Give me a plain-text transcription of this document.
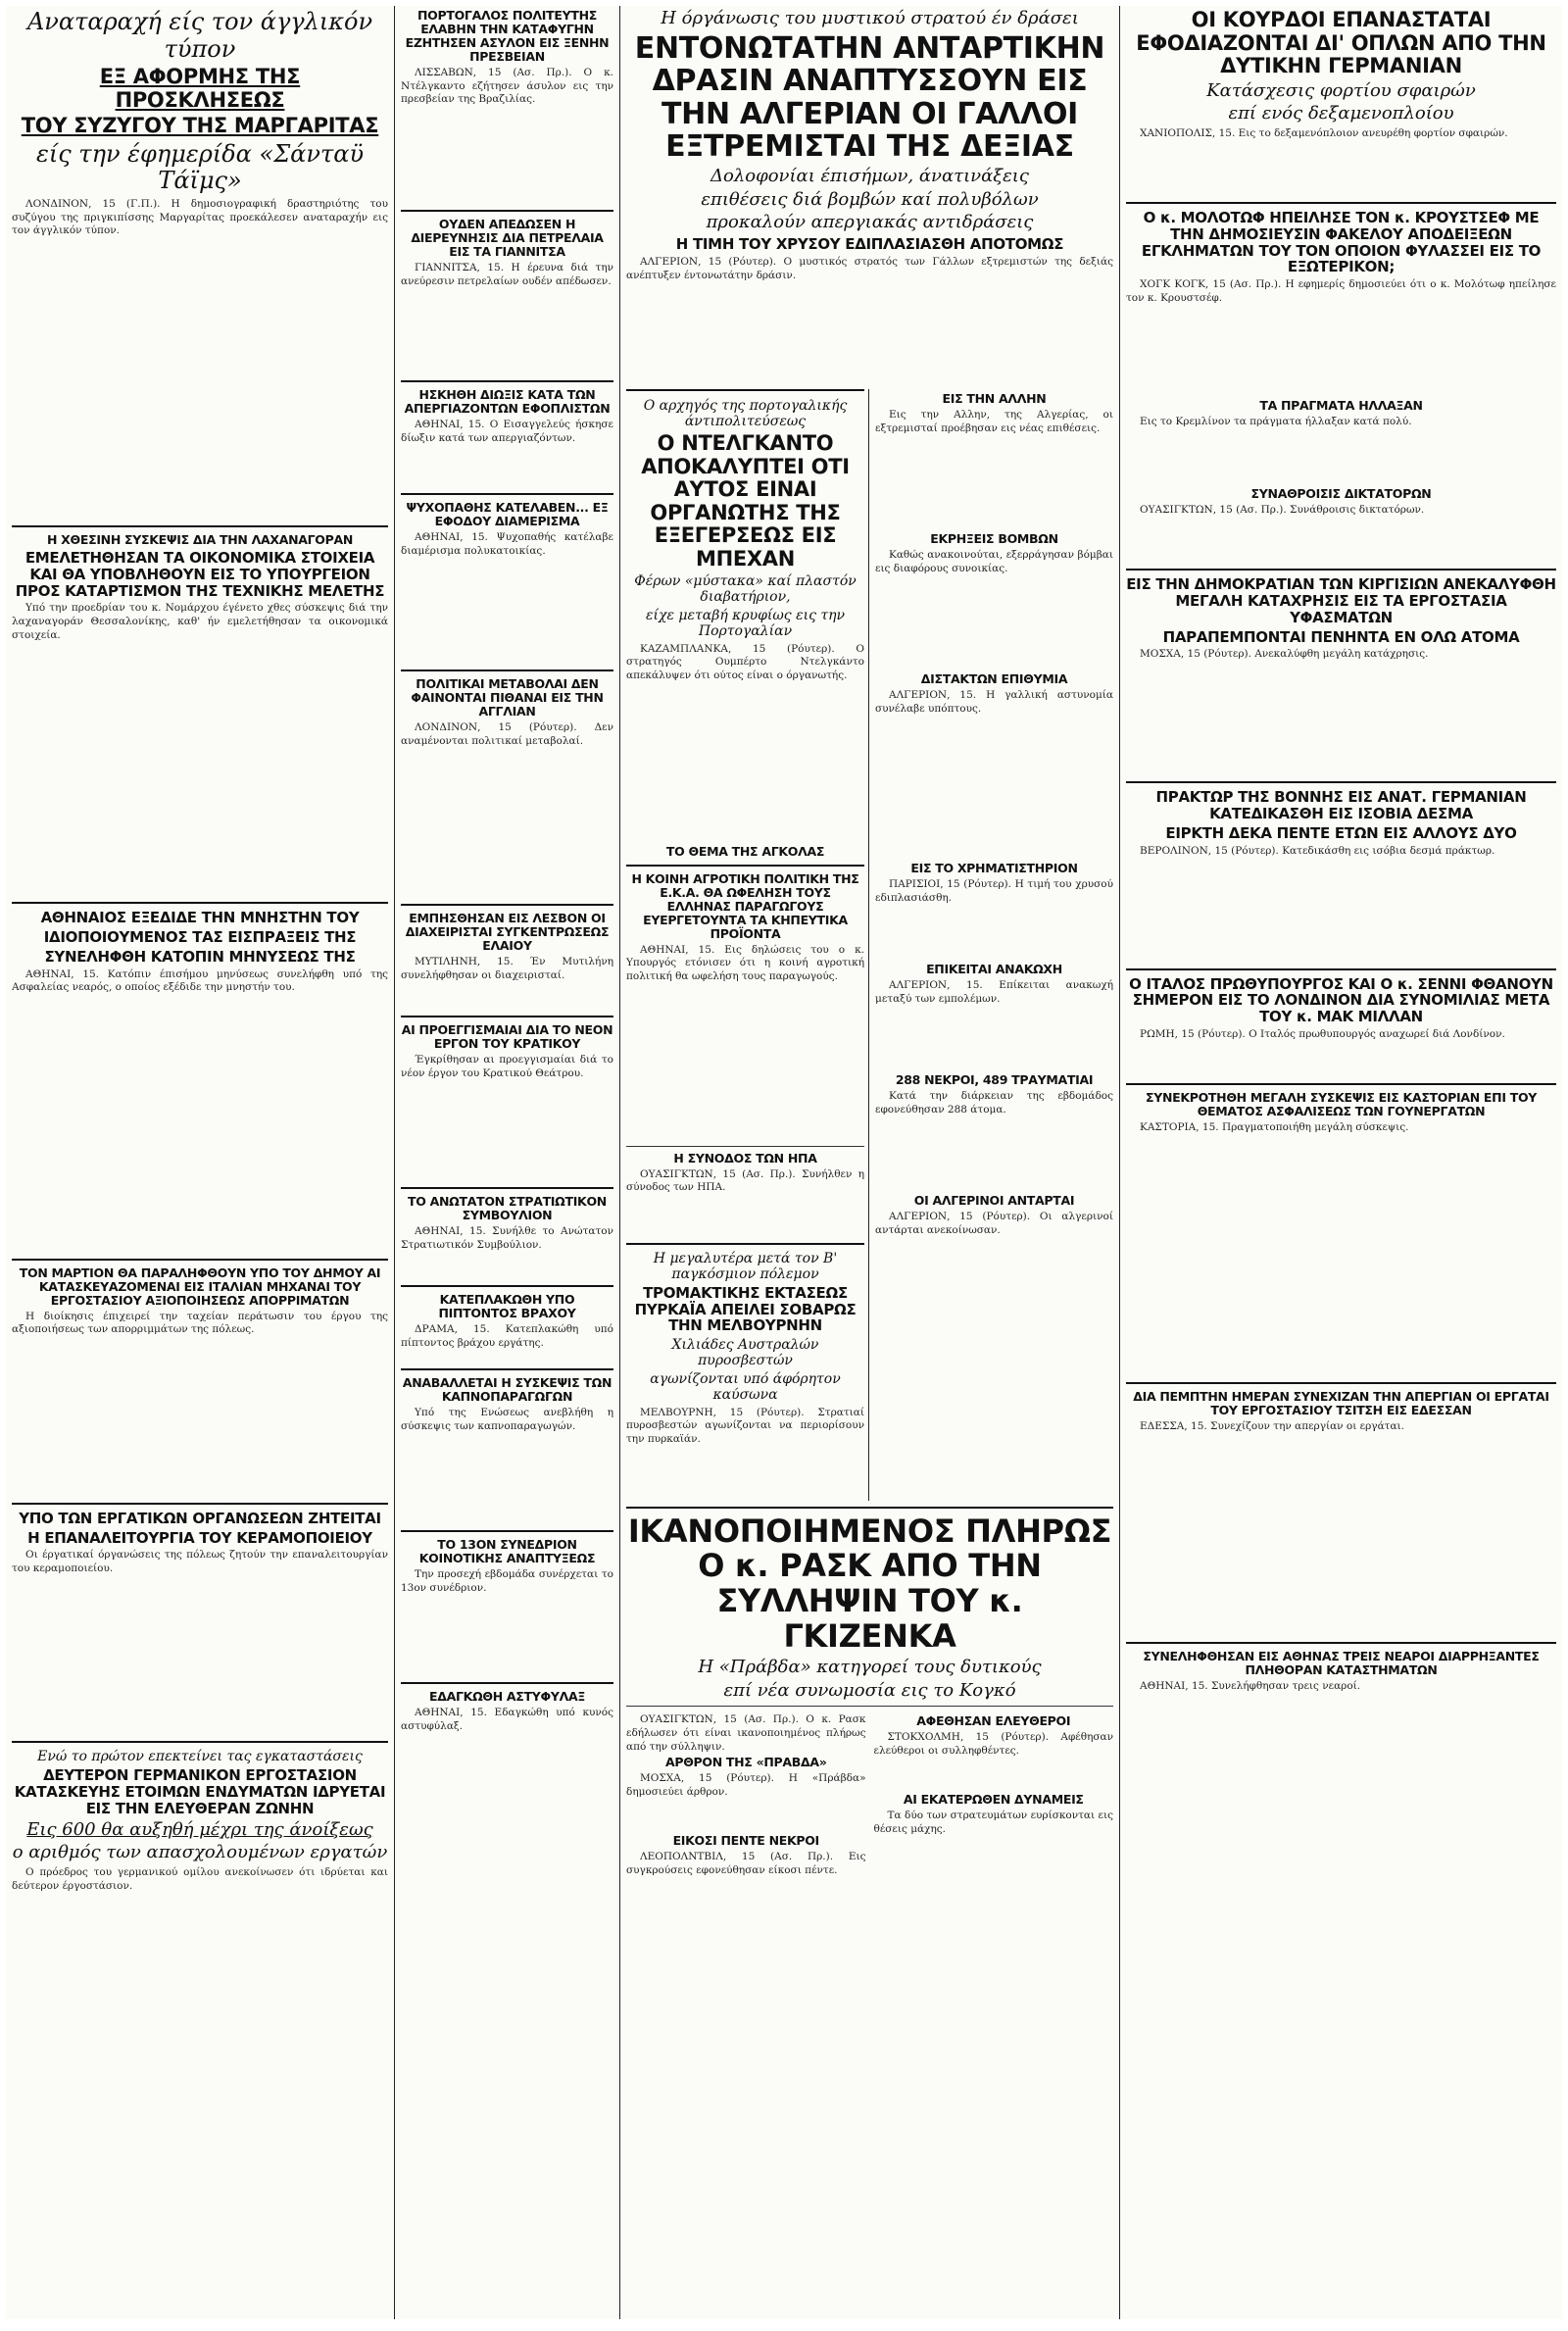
Αναταραχή είς τον άγγλικόν τύπον
ΕΞ ΑΦΟΡΜΗΣ ΤΗΣ ΠΡΟΣΚΛΗΣΕΩΣ
ΤΟΥ ΣΥΖΥΓΟΥ ΤΗΣ ΜΑΡΓΑΡΙΤΑΣ
είς την έφημερίδα «Σάνταϋ Τάϊμς»

ΛΟΝΔΙΝΟΝ, 15 (Γ.Π.). Η δημοσιογραφική δραστηριότης του συζύγου της πριγκιπίσσης Μαργαρίτας προεκάλεσεν αναταραχήν εις τον άγγλικόν τύπον.

Η ΧΘΕΣΙΝΗ ΣΥΣΚΕΨΙΣ ΔΙΑ ΤΗΝ ΛΑΧΑΝΑΓΟΡΑΝ
ΕΜΕΛΕΤΗΘΗΣΑΝ ΤΑ ΟΙΚΟΝΟΜΙΚΑ ΣΤΟΙΧΕΙΑ ΚΑΙ ΘΑ ΥΠΟΒΛΗΘΟΥΝ ΕΙΣ ΤΟ ΥΠΟΥΡΓΕΙΟΝ ΠΡΟΣ ΚΑΤΑΡΤΙΣΜΟΝ ΤΗΣ ΤΕΧΝΙΚΗΣ ΜΕΛΕΤΗΣ

Υπό την προεδρίαν του κ. Νομάρχου έγένετο χθες σύσκεψις διά την λαχαναγοράν Θεσσαλονίκης, καθ' ήν εμελετήθησαν τα οικονομικά στοιχεία.

ΑΘΗΝΑΙΟΣ ΕΞΕΔΙΔΕ ΤΗΝ ΜΝΗΣΤΗΝ ΤΟΥ
ΙΔΙΟΠΟΙΟΥΜΕΝΟΣ ΤΑΣ ΕΙΣΠΡΑΞΕΙΣ ΤΗΣ
ΣΥΝΕΛΗΦΘΗ ΚΑΤΟΠΙΝ ΜΗΝΥΣΕΩΣ ΤΗΣ

ΑΘΗΝΑΙ, 15. Κατόπιν έπισήμου μηνύσεως συνελήφθη υπό της Ασφαλείας νεαρός, ο οποίος εξέδιδε την μνηστήν του.

ΤΟΝ ΜΑΡΤΙΟΝ ΘΑ ΠΑΡΑΛΗΦΘΟΥΝ ΥΠΟ ΤΟΥ ΔΗΜΟΥ ΑΙ ΚΑΤΑΣΚΕΥΑΖΟΜΕΝΑΙ ΕΙΣ ΙΤΑΛΙΑΝ ΜΗΧΑΝΑΙ ΤΟΥ ΕΡΓΟΣΤΑΣΙΟΥ ΑΞΙΟΠΟΙΗΣΕΩΣ ΑΠΟΡΡΙΜΑΤΩΝ

Η διοίκησις έπιχειρεί την ταχείαν περάτωσιν του έργου της αξιοποιήσεως των απορριμμάτων της πόλεως.

ΥΠΟ ΤΩΝ ΕΡΓΑΤΙΚΩΝ ΟΡΓΑΝΩΣΕΩΝ ΖΗΤΕΙΤΑΙ
Η ΕΠΑΝΑΛΕΙΤΟΥΡΓΙΑ ΤΟΥ ΚΕΡΑΜΟΠΟΙΕΙΟΥ

Οι έργατικαί όργανώσεις της πόλεως ζητούν την επαναλειτουργίαν του κεραμοποιείου.

Ενώ το πρώτον επεκτείνει τας εγκαταστάσεις
ΔΕΥΤΕΡΟΝ ΓΕΡΜΑΝΙΚΟΝ ΕΡΓΟΣΤΑΣΙΟΝ ΚΑΤΑΣΚΕΥΗΣ ΕΤΟΙΜΩΝ ΕΝΔΥΜΑΤΩΝ ΙΔΡΥΕΤΑΙ ΕΙΣ ΤΗΝ ΕΛΕΥΘΕΡΑΝ ΖΩΝΗΝ
Εις 600 θα αυξηθή μέχρι της άνοίξεως
ο αριθμός των απασχολουμένων εργατών

Ο πρόεδρος του γερμανικού ομίλου ανεκοίνωσεν ότι ιδρύεται και δεύτερον έργοστάσιον.

ΠΟΡΤΟΓΑΛΟΣ ΠΟΛΙΤΕΥΤΗΣ ΕΛΑΒΗΝ ΤΗΝ ΚΑΤΑΦΥΓΗΝ ΕΖΗΤΗΣΕΝ ΑΣΥΛΟΝ ΕΙΣ ΞΕΝΗΝ ΠΡΕΣΒΕΙΑΝ

ΛΙΣΣΑΒΩΝ, 15 (Ασ. Πρ.). Ο κ. Ντέλγκαντο εζήτησεν άσυλον εις την πρεσβείαν της Βραζιλίας.

ΟΥΔΕΝ ΑΠΕΔΩΣΕΝ Η ΔΙΕΡΕΥΝΗΣΙΣ ΔΙΑ ΠΕΤΡΕΛΑΙΑ ΕΙΣ ΤΑ ΓΙΑΝΝΙΤΣΑ

ΓΙΑΝΝΙΤΣΑ, 15. Η έρευνα διά την ανεύρεσιν πετρελαίων ουδέν απέδωσεν.

ΗΣΚΗΘΗ ΔΙΩΞΙΣ ΚΑΤΑ ΤΩΝ ΑΠΕΡΓΙΑΖΟΝΤΩΝ ΕΦΟΠΛΙΣΤΩΝ

ΑΘΗΝΑΙ, 15. Ο Εισαγγελεύς ήσκησε δίωξιν κατά των απεργιαζόντων.

ΨΥΧΟΠΑΘΗΣ ΚΑΤΕΛΑΒΕΝ... ΕΞ ΕΦΟΔΟΥ ΔΙΑΜΕΡΙΣΜΑ

ΑΘΗΝΑΙ, 15. Ψυχοπαθής κατέλαβε διαμέρισμα πολυκατοικίας.

ΠΟΛΙΤΙΚΑΙ ΜΕΤΑΒΟΛΑΙ ΔΕΝ ΦΑΙΝΟΝΤΑΙ ΠΙΘΑΝΑΙ ΕΙΣ ΤΗΝ ΑΓΓΛΙΑΝ

ΛΟΝΔΙΝΟΝ, 15 (Ρόυτερ). Δεν αναμένονται πολιτικαί μεταβολαί.

ΕΜΠΗΣΘΗΣΑΝ ΕΙΣ ΛΕΣΒΟΝ ΟΙ ΔΙΑΧΕΙΡΙΣΤΑΙ ΣΥΓΚΕΝΤΡΩΣΕΩΣ ΕΛΑΙΟΥ

ΜΥΤΙΛΗΝΗ, 15. Έν Μυτιλήνη συνελήφθησαν οι διαχειρισταί.

ΑΙ ΠΡΟΕΓΓΙΣΜΑΙΑΙ ΔΙΑ ΤΟ ΝΕΟΝ ΕΡΓΟΝ ΤΟΥ ΚΡΑΤΙΚΟΥ

Έγκρίθησαν αι προεγγισμαίαι διά το νέον έργον του Κρατικού Θεάτρου.

ΤΟ ΑΝΩΤΑΤΟΝ ΣΤΡΑΤΙΩΤΙΚΟΝ ΣΥΜΒΟΥΛΙΟΝ

ΑΘΗΝΑΙ, 15. Συνήλθε το Ανώτατον Στρατιωτικόν Συμβούλιον.

ΚΑΤΕΠΛΑΚΩΘΗ ΥΠΟ ΠΙΠΤΟΝΤΟΣ ΒΡΑΧΟΥ

ΔΡΑΜΑ, 15. Κατεπλακώθη υπό πίπτοντος βράχου εργάτης.

ΑΝΑΒΑΛΛΕΤΑΙ Η ΣΥΣΚΕΨΙΣ ΤΩΝ ΚΑΠΝΟΠΑΡΑΓΩΓΩΝ

Υπό της Ενώσεως ανεβλήθη η σύσκεψις των καπνοπαραγωγών.

ΤΟ 13ΟΝ ΣΥΝΕΔΡΙΟΝ ΚΟΙΝΟΤΙΚΗΣ ΑΝΑΠΤΥΞΕΩΣ

Την προσεχή εβδομάδα συνέρχεται το 13ον συνέδριον.

ΕΔΑΓΚΩΘΗ ΑΣΤΥΦΥΛΑΞ

ΑΘΗΝΑΙ, 15. Εδαγκώθη υπό κυνός αστυφύλαξ.

Η όργάνωσις του μυστικού στρατού έν δράσει
ΕΝΤΟΝΩΤΑΤΗΝ ΑΝΤΑΡΤΙΚΗΝ ΔΡΑΣΙΝ ΑΝΑΠΤΥΣΣΟΥΝ ΕΙΣ ΤΗΝ ΑΛΓΕΡΙΑΝ ΟΙ ΓΑΛΛΟΙ ΕΞΤΡΕΜΙΣΤΑΙ ΤΗΣ ΔΕΞΙΑΣ
Δολοφονίαι έπισήμων, άνατινάξεις
επιθέσεις διά βομβών καί πολυβόλων
προκαλούν απεργιακάς αντιδράσεις
Η ΤΙΜΗ ΤΟΥ ΧΡΥΣΟΥ ΕΔΙΠΛΑΣΙΑΣΘΗ ΑΠΟΤΟΜΩΣ

ΑΛΓΕΡΙΟΝ, 15 (Ρόυτερ). Ο μυστικός στρατός των Γάλλων εξτρεμιστών της δεξιάς ανέπτυξεν έντονωτάτην δράσιν.

Ο αρχηγός της πορτογαλικής άντιπολιτεύσεως
Ο ΝΤΕΛΓΚΑΝΤΟ ΑΠΟΚΑΛΥΠΤΕΙ ΟΤΙ ΑΥΤΟΣ ΕΙΝΑΙ ΟΡΓΑΝΩΤΗΣ ΤΗΣ ΕΞΕΓΕΡΣΕΩΣ ΕΙΣ ΜΠΕΧΑΝ
Φέρων «μύστακα» καί πλαστόν διαβατήριον,
είχε μεταβή κρυφίως εις την Πορτογαλίαν

ΚΑΖΑΜΠΛΑΝΚΑ, 15 (Ρόυτερ). Ο στρατηγός Ουμπέρτο Ντελγκάντο απεκάλυψεν ότι ούτος είναι ο όργανωτής.

ΤΟ ΘΕΜΑ ΤΗΣ ΑΓΚΟΛΑΣ
Η ΚΟΙΝΗ ΑΓΡΟΤΙΚΗ ΠΟΛΙΤΙΚΗ ΤΗΣ Ε.Κ.Α. ΘΑ ΩΦΕΛΗΣΗ ΤΟΥΣ ΕΛΛΗΝΑΣ ΠΑΡΑΓΩΓΟΥΣ ΕΥΕΡΓΕΤΟΥΝΤΑ ΤΑ ΚΗΠΕΥΤΙΚΑ ΠΡΟΪΟΝΤΑ

ΑΘΗΝΑΙ, 15. Εις δηλώσεις του ο κ. Υπουργός ετόνισεν ότι η κοινή αγροτική πολιτική θα ωφελήση τους παραγωγούς.

Η ΣΥΝΟΔΟΣ ΤΩΝ ΗΠΑ

ΟΥΑΣΙΓΚΤΩΝ, 15 (Ασ. Πρ.). Συνήλθεν η σύνοδος των ΗΠΑ.

Η μεγαλυτέρα μετά τον Β' παγκόσμιον πόλεμον
ΤΡΟΜΑΚΤΙΚΗΣ ΕΚΤΑΣΕΩΣ ΠΥΡΚΑΪΑ ΑΠΕΙΛΕΙ ΣΟΒΑΡΩΣ ΤΗΝ ΜΕΛΒΟΥΡΝΗΝ
Χιλιάδες Αυστραλών πυροσβεστών
αγωνίζονται υπό άφόρητον καύσωνα

ΜΕΛΒΟΥΡΝΗ, 15 (Ρόυτερ). Στρατιαί πυροσβεστών αγωνίζονται να περιορίσουν την πυρκαϊάν.

ΕΙΣ ΤΗΝ ΑΛΛΗΝ

Εις την Αλλην, της Αλγερίας, οι εξτρεμισταί προέβησαν εις νέας επιθέσεις.

ΕΚΡΗΞΕΙΣ ΒΟΜΒΩΝ

Καθώς ανακοινούται, εξερράγησαν βόμβαι εις διαφόρους συνοικίας.

ΔΙΣΤΑΚΤΩΝ ΕΠΙΘΥΜΙΑ

ΑΛΓΕΡΙΟΝ, 15. Η γαλλική αστυνομία συνέλαβε υπόπτους.

ΕΙΣ ΤΟ ΧΡΗΜΑΤΙΣΤΗΡΙΟΝ

ΠΑΡΙΣΙΟΙ, 15 (Ρόυτερ). Η τιμή του χρυσού εδιπλασιάσθη.

ΕΠΙΚΕΙΤΑΙ ΑΝΑΚΩΧΗ

ΑΛΓΕΡΙΟΝ, 15. Επίκειται ανακωχή μεταξύ των εμπολέμων.

288 ΝΕΚΡΟΙ, 489 ΤΡΑΥΜΑΤΙΑΙ

Κατά την διάρκειαν της εβδομάδος εφονεύθησαν 288 άτομα.

ΟΙ ΑΛΓΕΡΙΝΟΙ ΑΝΤΑΡΤΑΙ

ΑΛΓΕΡΙΟΝ, 15 (Ρόυτερ). Οι αλγερινοί αντάρται ανεκοίνωσαν.

ΙΚΑΝΟΠΟΙΗΜΕΝΟΣ ΠΛΗΡΩΣ Ο κ. ΡΑΣΚ ΑΠΟ ΤΗΝ ΣΥΛΛΗΨΙΝ ΤΟΥ κ. ΓΚΙΖΕΝΚΑ
Η «Πράβδα» κατηγορεί τους δυτικούς
επί νέα συνωμοσία εις το Κογκό

ΟΥΑΣΙΓΚΤΩΝ, 15 (Ασ. Πρ.). Ο κ. Ρασκ εδήλωσεν ότι είναι ικανοποιημένος πλήρως από την σύλληψιν.

ΑΡΘΡΟΝ ΤΗΣ «ΠΡΑΒΔΑ»

ΜΟΣΧΑ, 15 (Ρόυτερ). Η «Πράβδα» δημοσιεύει άρθρον.

ΕΙΚΟΣΙ ΠΕΝΤΕ ΝΕΚΡΟΙ

ΛΕΟΠΟΛΝΤΒΙΛ, 15 (Ασ. Πρ.). Εις συγκρούσεις εφονεύθησαν είκοσι πέντε.

ΑΦΕΘΗΣΑΝ ΕΛΕΥΘΕΡΟΙ

ΣΤΟΚΧΟΛΜΗ, 15 (Ρόυτερ). Αφέθησαν ελεύθεροι οι συλληφθέντες.

ΑΙ ΕΚΑΤΕΡΩΘΕΝ ΔΥΝΑΜΕΙΣ

Τα δύο των στρατευμάτων ευρίσκονται εις θέσεις μάχης.

ΟΙ ΚΟΥΡΔΟΙ ΕΠΑΝΑΣΤΑΤΑΙ ΕΦΟΔΙΑΖΟΝΤΑΙ ΔΙ' ΟΠΛΩΝ ΑΠΟ ΤΗΝ ΔΥΤΙΚΗΝ ΓΕΡΜΑΝΙΑΝ
Κατάσχεσις φορτίου σφαιρών
επί ενός δεξαμενοπλοίου

ΧΑΝΙΟΠΟΛΙΣ, 15. Εις το δεξαμενόπλοιον ανευρέθη φορτίον σφαιρών.

Ο κ. ΜΟΛΟΤΩΦ ΗΠΕΙΛΗΣΕ ΤΟΝ κ. ΚΡΟΥΣΤΣΕΦ ΜΕ ΤΗΝ ΔΗΜΟΣΙΕΥΣΙΝ ΦΑΚΕΛΟΥ ΑΠΟΔΕΙΞΕΩΝ ΕΓΚΛΗΜΑΤΩΝ ΤΟΥ ΤΟΝ ΟΠΟΙΟΝ ΦΥΛΑΣΣΕΙ ΕΙΣ ΤΟ ΕΞΩΤΕΡΙΚΟΝ;

ΧΟΓΚ ΚΟΓΚ, 15 (Ασ. Πρ.). Η εφημερίς δημοσιεύει ότι ο κ. Μολότωφ ηπείλησε τον κ. Κρουστσέφ.

ΤΑ ΠΡΑΓΜΑΤΑ ΗΛΛΑΞΑΝ

Εις το Κρεμλίνον τα πράγματα ήλλαξαν κατά πολύ.

ΣΥΝΑΘΡΟΙΣΙΣ ΔΙΚΤΑΤΟΡΩΝ

ΟΥΑΣΙΓΚΤΩΝ, 15 (Ασ. Πρ.). Συνάθροισις δικτατόρων.

ΕΙΣ ΤΗΝ ΔΗΜΟΚΡΑΤΙΑΝ ΤΩΝ ΚΙΡΓΙΣΙΩΝ ΑΝΕΚΑΛΥΦΘΗ ΜΕΓΑΛΗ ΚΑΤΑΧΡΗΣΙΣ ΕΙΣ ΤΑ ΕΡΓΟΣΤΑΣΙΑ ΥΦΑΣΜΑΤΩΝ
ΠΑΡΑΠΕΜΠΟΝΤΑΙ ΠΕΝΗΝΤΑ ΕΝ ΟΛΩ ΑΤΟΜΑ

ΜΟΣΧΑ, 15 (Ρόυτερ). Ανεκαλύφθη μεγάλη κατάχρησις.

ΠΡΑΚΤΩΡ ΤΗΣ ΒΟΝΝΗΣ ΕΙΣ ΑΝΑΤ. ΓΕΡΜΑΝΙΑΝ ΚΑΤΕΔΙΚΑΣΘΗ ΕΙΣ ΙΣΟΒΙΑ ΔΕΣΜΑ
ΕΙΡΚΤΗ ΔΕΚΑ ΠΕΝΤΕ ΕΤΩΝ ΕΙΣ ΑΛΛΟΥΣ ΔΥΟ

ΒΕΡΟΛΙΝΟΝ, 15 (Ρόυτερ). Κατεδικάσθη εις ισόβια δεσμά πράκτωρ.

Ο ΙΤΑΛΟΣ ΠΡΩΘΥΠΟΥΡΓΟΣ ΚΑΙ Ο κ. ΣΕΝΝΙ ΦΘΑΝΟΥΝ ΣΗΜΕΡΟΝ ΕΙΣ ΤΟ ΛΟΝΔΙΝΟΝ ΔΙΑ ΣΥΝΟΜΙΛΙΑΣ ΜΕΤΑ ΤΟΥ κ. ΜΑΚ ΜΙΛΛΑΝ

ΡΩΜΗ, 15 (Ρόυτερ). Ο Ιταλός πρωθυπουργός αναχωρεί διά Λονδίνον.

ΣΥΝΕΚΡΟΤΗΘΗ ΜΕΓΑΛΗ ΣΥΣΚΕΨΙΣ ΕΙΣ ΚΑΣΤΟΡΙΑΝ ΕΠΙ ΤΟΥ ΘΕΜΑΤΟΣ ΑΣΦΑΛΙΣΕΩΣ ΤΩΝ ΓΟΥΝΕΡΓΑΤΩΝ

ΚΑΣΤΟΡΙΑ, 15. Πραγματοποιήθη μεγάλη σύσκεψις.

ΔΙΑ ΠΕΜΠΤΗΝ ΗΜΕΡΑΝ ΣΥΝΕΧΙΖΑΝ ΤΗΝ ΑΠΕΡΓΙΑΝ ΟΙ ΕΡΓΑΤΑΙ ΤΟΥ ΕΡΓΟΣΤΑΣΙΟΥ ΤΣΙΤΣΗ ΕΙΣ ΕΔΕΣΣΑΝ

ΕΔΕΣΣΑ, 15. Συνεχίζουν την απεργίαν οι εργάται.

ΣΥΝΕΛΗΦΘΗΣΑΝ ΕΙΣ ΑΘΗΝΑΣ ΤΡΕΙΣ ΝΕΑΡΟΙ ΔΙΑΡΡΗΞΑΝΤΕΣ ΠΛΗΘΟΡΑΝ ΚΑΤΑΣΤΗΜΑΤΩΝ

ΑΘΗΝΑΙ, 15. Συνελήφθησαν τρεις νεαροί.
